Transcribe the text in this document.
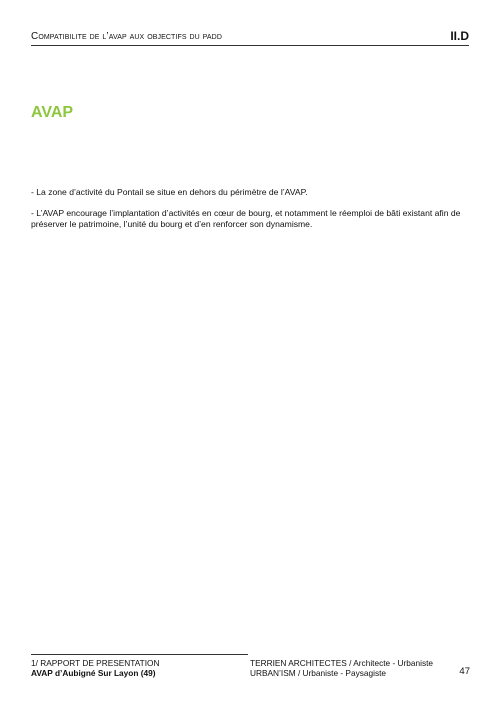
Compatibilite de l’avap aux objectifs du padd	II.D
AVAP

- La zone d’activité du Pontail se situe en dehors du périmètre de l’AVAP.

- L’AVAP encourage l’implantation d’activités en cœur de bourg, et notamment le réemploi de bâti existant afin de préserver le patrimoine, l’unité du bourg et d’en renforcer son dynamisme.

1/ RAPPORT DE PRESENTATION
AVAP d’Aubigné Sur Layon (49)
TERRIEN ARCHITECTES / Architecte - Urbaniste
URBAN’ISM / Urbaniste - Paysagiste	47
